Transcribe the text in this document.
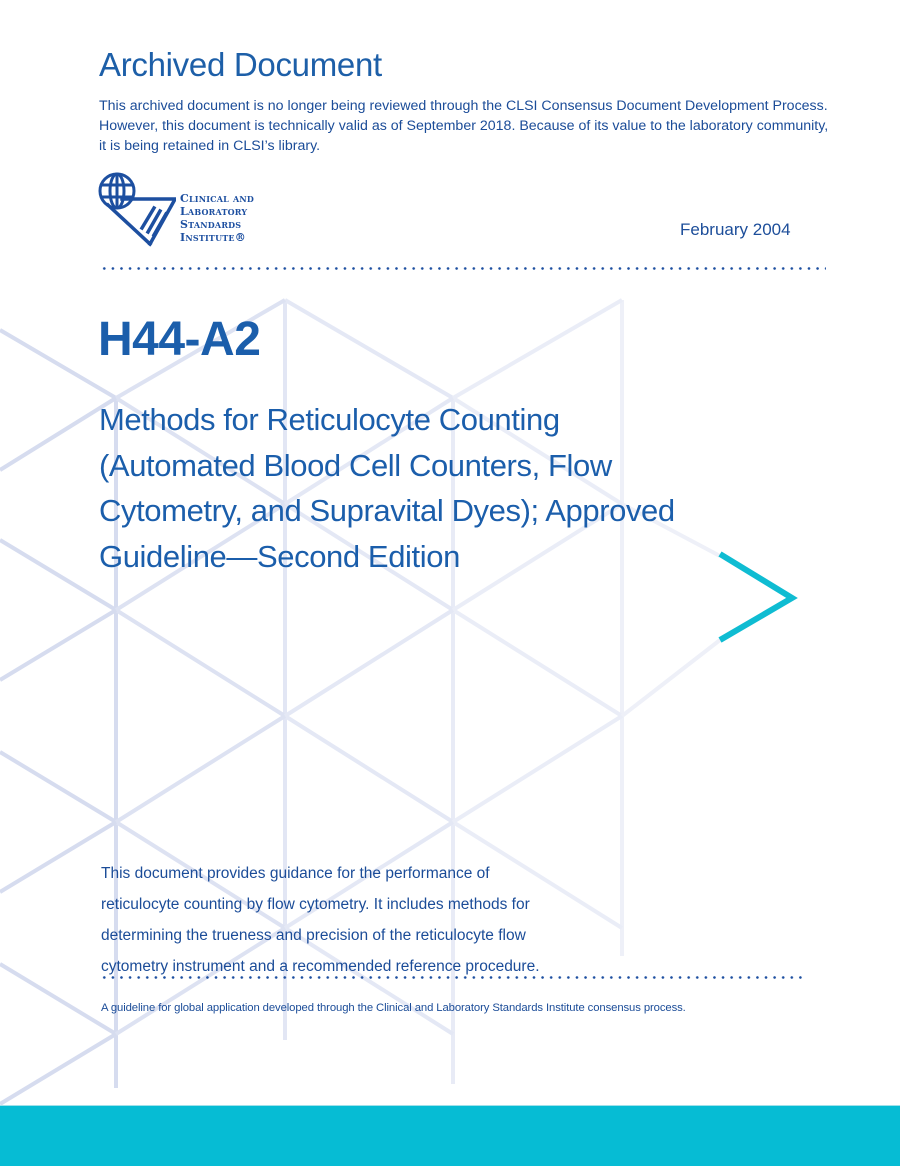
Archived Document

This archived document is no longer being reviewed through the CLSI Consensus Document Development Process. However, this document is technically valid as of September 2018. Because of its value to the laboratory community, it is being retained in CLSI’s library.

Clinical and
Laboratory
Standards
Institute®	February 2004
H44-A2
Methods for Reticulocyte Counting
(Automated Blood Cell Counters, Flow
Cytometry, and Supravital Dyes); Approved
Guideline—Second Edition
This document provides guidance for the performance of
reticulocyte counting by flow cytometry. It includes methods for
determining the trueness and precision of the reticulocyte flow
cytometry instrument and a recommended reference procedure.

A guideline for global application developed through the Clinical and Laboratory Standards Institute consensus process.
